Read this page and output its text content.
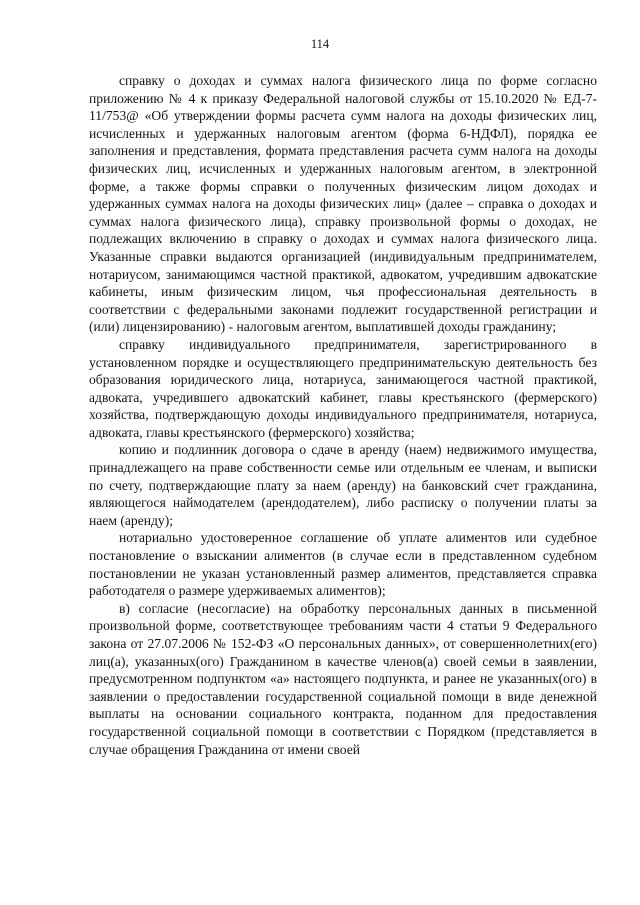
114

справку о доходах и суммах налога физического лица по форме согласно приложению № 4 к приказу Федеральной налоговой службы от 15.10.2020 № ЕД-7-11/753@ «Об утверждении формы расчета сумм налога на доходы физических лиц, исчисленных и удержанных налоговым агентом (форма 6-НДФЛ), порядка ее заполнения и представления, формата представления расчета сумм налога на доходы физических лиц, исчисленных и удержанных налоговым агентом, в электронной форме, а также формы справки о полученных физическим лицом доходах и удержанных суммах налога на доходы физических лиц» (далее – справка о доходах и суммах налога физического лица), справку произвольной формы о доходах, не подлежащих включению в справку о доходах и суммах налога физического лица. Указанные справки выдаются организацией (индивидуальным предпринимателем, нотариусом, занимающимся частной практикой, адвокатом, учредившим адвокатские кабинеты, иным физическим лицом, чья профессиональная деятельность в соответствии с федеральными законами подлежит государственной регистрации и (или) лицензированию) - налоговым агентом, выплатившей доходы гражданину;

справку индивидуального предпринимателя, зарегистрированного в установленном порядке и осуществляющего предпринимательскую деятельность без образования юридического лица, нотариуса, занимающегося частной практикой, адвоката, учредившего адвокатский кабинет, главы крестьянского (фермерского) хозяйства, подтверждающую доходы индивидуального предпринимателя, нотариуса, адвоката, главы крестьянского (фермерского) хозяйства;

копию и подлинник договора о сдаче в аренду (наем) недвижимого имущества, принадлежащего на праве собственности семье или отдельным ее членам, и выписки по счету, подтверждающие плату за наем (аренду) на банковский счет гражданина, являющегося наймодателем (арендодателем), либо расписку о получении платы за наем (аренду);

нотариально удостоверенное соглашение об уплате алиментов или судебное постановление о взыскании алиментов (в случае если в представленном судебном постановлении не указан установленный размер алиментов, представляется справка работодателя о размере удерживаемых алиментов);

в) согласие (несогласие) на обработку персональных данных в письменной произвольной форме, соответствующее требованиям части 4 статьи 9 Федерального закона от 27.07.2006 № 152-ФЗ «О персональных данных», от совершеннолетних(его) лиц(а), указанных(ого) Гражданином в качестве членов(а) своей семьи в заявлении, предусмотренном подпунктом «а» настоящего подпункта, и ранее не указанных(ого) в заявлении о предоставлении государственной социальной помощи в виде денежной выплаты на основании социального контракта, поданном для предоставления государственной социальной помощи в соответствии с Порядком (представляется в случае обращения Гражданина от имени своей
